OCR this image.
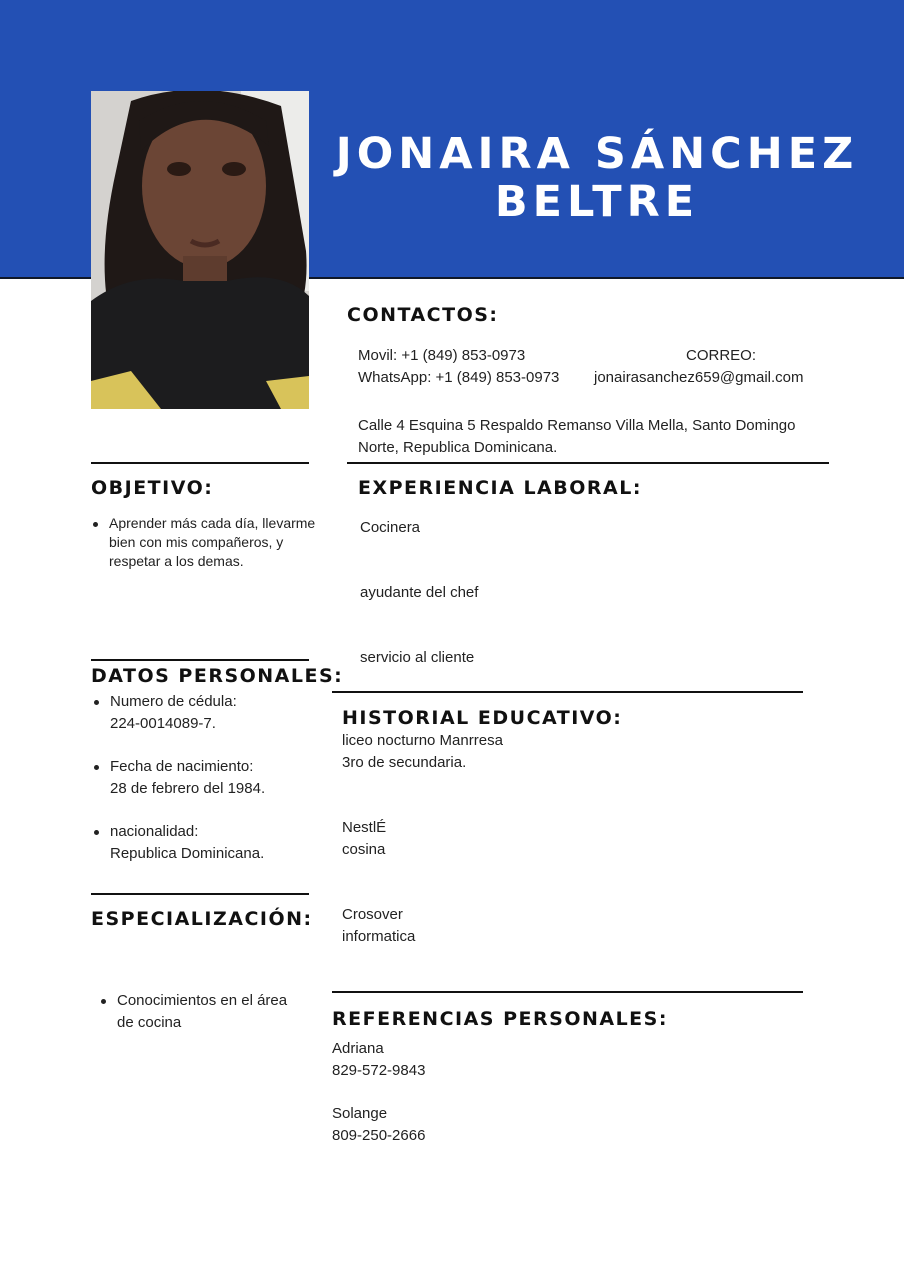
JONAIRA SÁNCHEZ
BELTRE
CONTACTOS:
Movil: +1 (849) 853-0973	CORREO:
WhatsApp: +1 (849) 853-0973 jonairasanchez659@gmail.com
Calle 4 Esquina 5 Respaldo Remanso Villa Mella, Santo Domingo
Norte, Republica Dominicana.
OBJETIVO:
Aprender más cada día, llevarme
bien con mis compañeros, y
respetar a los demas.
EXPERIENCIA LABORAL:
Cocinera
ayudante del chef
servicio al cliente
DATOS PERSONALES:
Numero de cédula:
224-0014089-7.
Fecha de nacimiento:
28 de febrero del 1984.
nacionalidad:
Republica Dominicana.
HISTORIAL EDUCATIVO:
liceo nocturno Manrresa
3ro de secundaria.
NestlÉ
cosina
Crosover
informatica
ESPECIALIZACIÓN:
Conocimientos en el área
de cocina	REFERENCIAS PERSONALES:
Adriana
829-572-9843
Solange
809-250-2666
